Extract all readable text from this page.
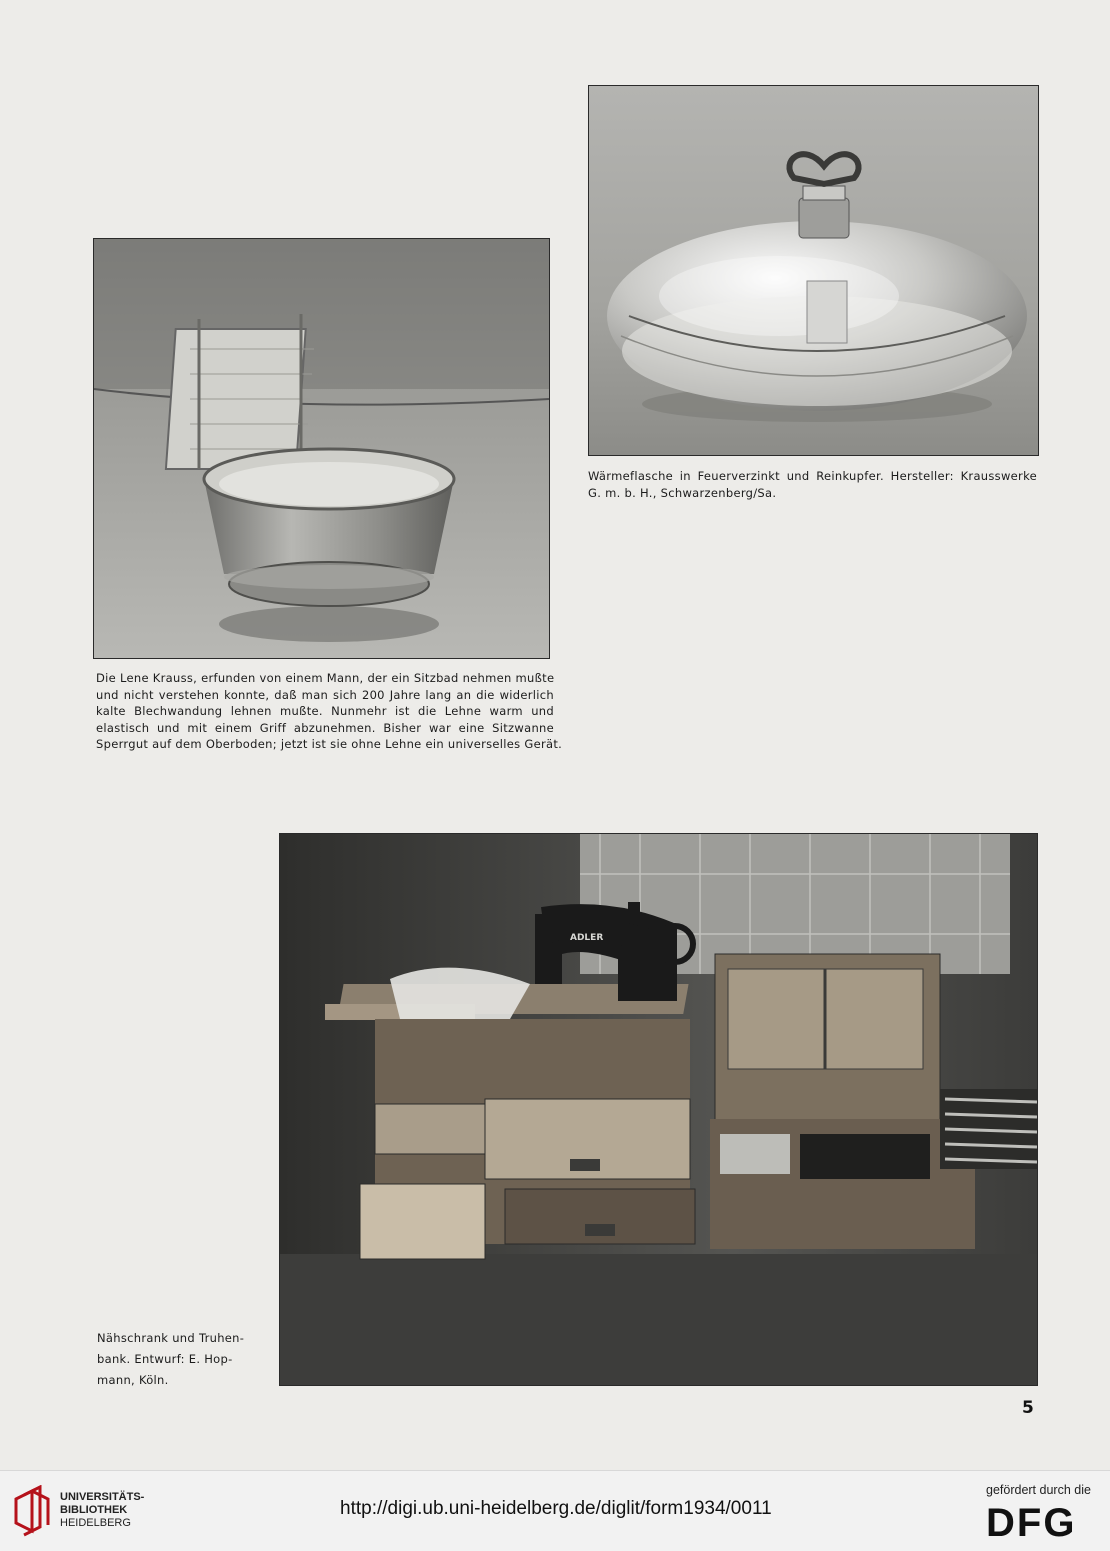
Wärmeflasche in Feuerverzinkt und Reinkupfer. Hersteller: Krausswerke
G. m. b. H., Schwarzenberg/Sa.
Die Lene Krauss, erfunden von einem Mann, der ein Sitzbad nehmen mußte
und nicht verstehen konnte, daß man sich 200 Jahre lang an die widerlich
kalte Blechwandung lehnen mußte. Nunmehr ist die Lehne warm und
elastisch und mit einem Griff abzunehmen. Bisher war eine Sitzwanne
Sperrgut auf dem Oberboden; jetzt ist sie ohne Lehne ein universelles Gerät.
ADLER
Nähschrank und Truhen-
bank. Entwurf: E. Hop-
mann, Köln.
5
UNIVERSITÄTS-
BIBLIOTHEK
HEIDELBERG
http://digi.ub.uni-heidelberg.de/diglit/form1934/0011
gefördert durch die
DFG
